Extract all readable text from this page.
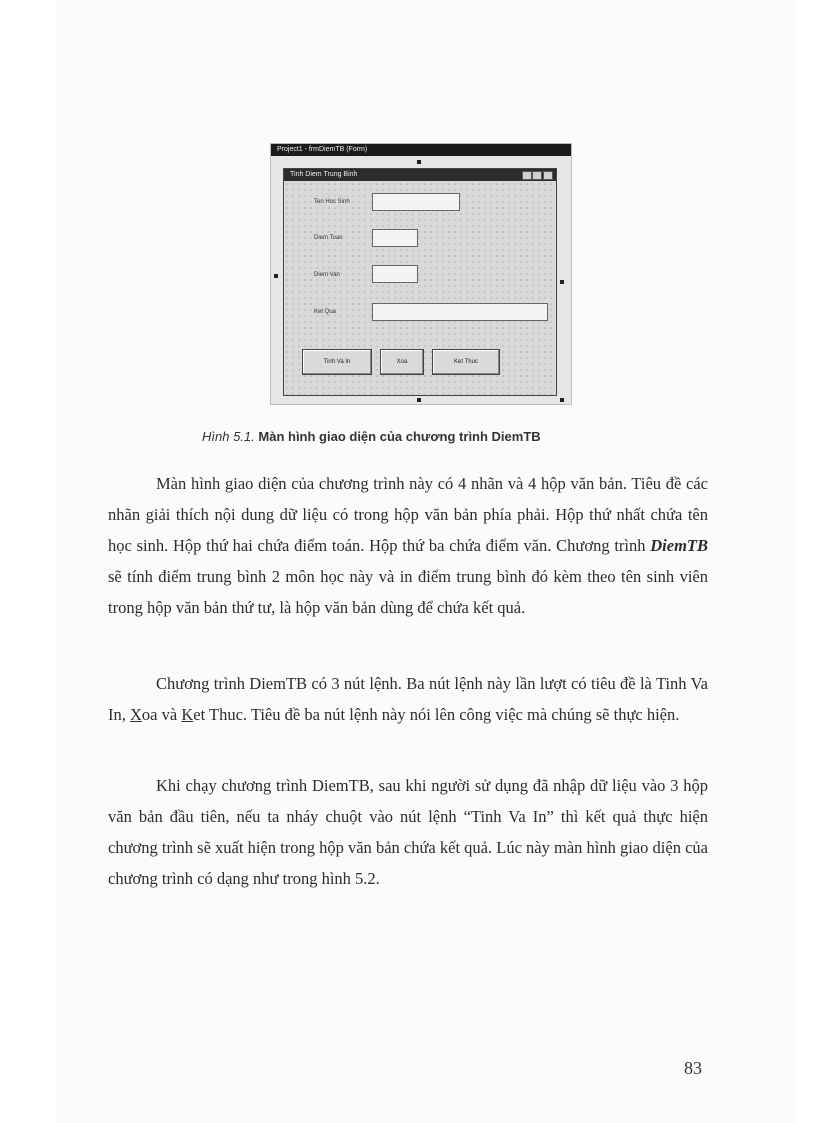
Project1 - frmDiemTB (Form)
Tinh Diem Trung Binh
Ten Hoc Sinh
Diem Toan
Diem Van
Ket Qua
Tinh Va In	Xoa	Ket Thuc
Hình 5.1. Màn hình giao diện của chương trình DiemTB

Màn hình giao diện của chương trình này có 4 nhãn và 4 hộp văn bản. Tiêu đề các nhãn giải thích nội dung dữ liệu có trong hộp văn bản phía phải. Hộp thứ nhất chứa tên học sinh. Hộp thứ hai chứa điểm toán. Hộp thứ ba chứa điểm văn. Chương trình DiemTB sẽ tính điểm trung bình 2 môn học này và in điểm trung bình đó kèm theo tên sinh viên trong hộp văn bản thứ tư, là hộp văn bản dùng để chứa kết quả.

Chương trình DiemTB có 3 nút lệnh. Ba nút lệnh này lần lượt có tiêu đề là Tinh Va In, Xoa và Ket Thuc. Tiêu đề ba nút lệnh này nói lên công việc mà chúng sẽ thực hiện.

Khi chạy chương trình DiemTB, sau khi người sử dụng đã nhập dữ liệu vào 3 hộp văn bản đầu tiên, nếu ta nháy chuột vào nút lệnh “Tinh Va In” thì kết quả thực hiện chương trình sẽ xuất hiện trong hộp văn bản chứa kết quả. Lúc này màn hình giao diện của chương trình có dạng như trong hình 5.2.

83
